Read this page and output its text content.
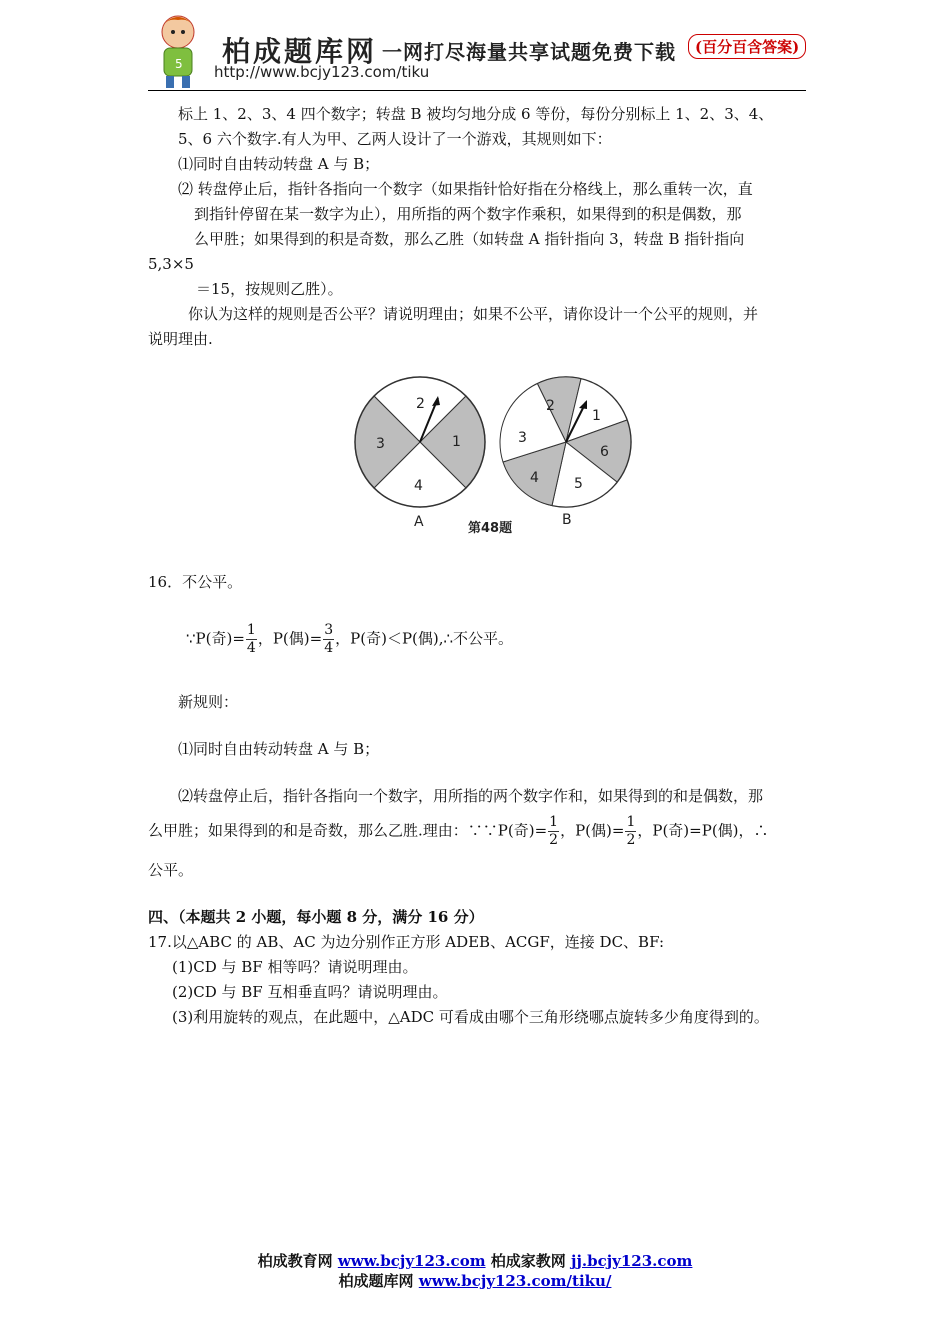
5 柏成题库网 一网打尽海量共享试题免费下载	(百分百含答案)
http://www.bcjy123.com/tiku
标上 1、2、3、4 四个数字；转盘 B 被均匀地分成 6 等份，每份分别标上 1、2、3、4、
5、6 六个数字.有人为甲、乙两人设计了一个游戏，其规则如下：
⑴同时自由转动转盘 A 与 B；
⑵ 转盘停止后，指针各指向一个数字（如果指针恰好指在分格线上，那么重转一次，直
到指针停留在某一数字为止），用所指的两个数字作乘积，如果得到的积是偶数，那
么甲胜；如果得到的积是奇数，那么乙胜（如转盘 A 指针指向 3，转盘 B 指针指向
5,3×5
＝15，按规则乙胜）。
你认为这样的规则是否公平？请说明理由；如果不公平，请你设计一个公平的规则，并
说明理由.
2
1
4
3
A
2
1
6
5
4
3
B
第48题
16．不公平。
∵P(奇)= $\frac{1}{4}$ ，P(偶)= $\frac{3}{4}$ ，P(奇)＜P(偶),∴不公平。
新规则：
⑴同时自由转动转盘 A 与 B；
⑵转盘停止后，指针各指向一个数字，用所指的两个数字作和，如果得到的和是偶数，那
么甲胜；如果得到的和是奇数，那么乙胜.理由：∵∵P(奇)= $\frac{1}{2}$ ，P(偶)= $\frac{1}{2}$ ，P(奇)=P(偶)，∴
公平。
四、（本题共 2 小题，每小题 8 分，满分 16 分）
17.以△ABC 的 AB、AC 为边分别作正方形 ADEB、ACGF，连接 DC、BF:
(1)CD 与 BF 相等吗？请说明理由。
(2)CD 与 BF 互相垂直吗？请说明理由。
(3)利用旋转的观点，在此题中，△ADC 可看成由哪个三角形绕哪点旋转多少角度得到的。
柏成教育网 www.bcjy123.com 柏成家教网 jj.bcjy123.com
柏成题库网 www.bcjy123.com/tiku/
